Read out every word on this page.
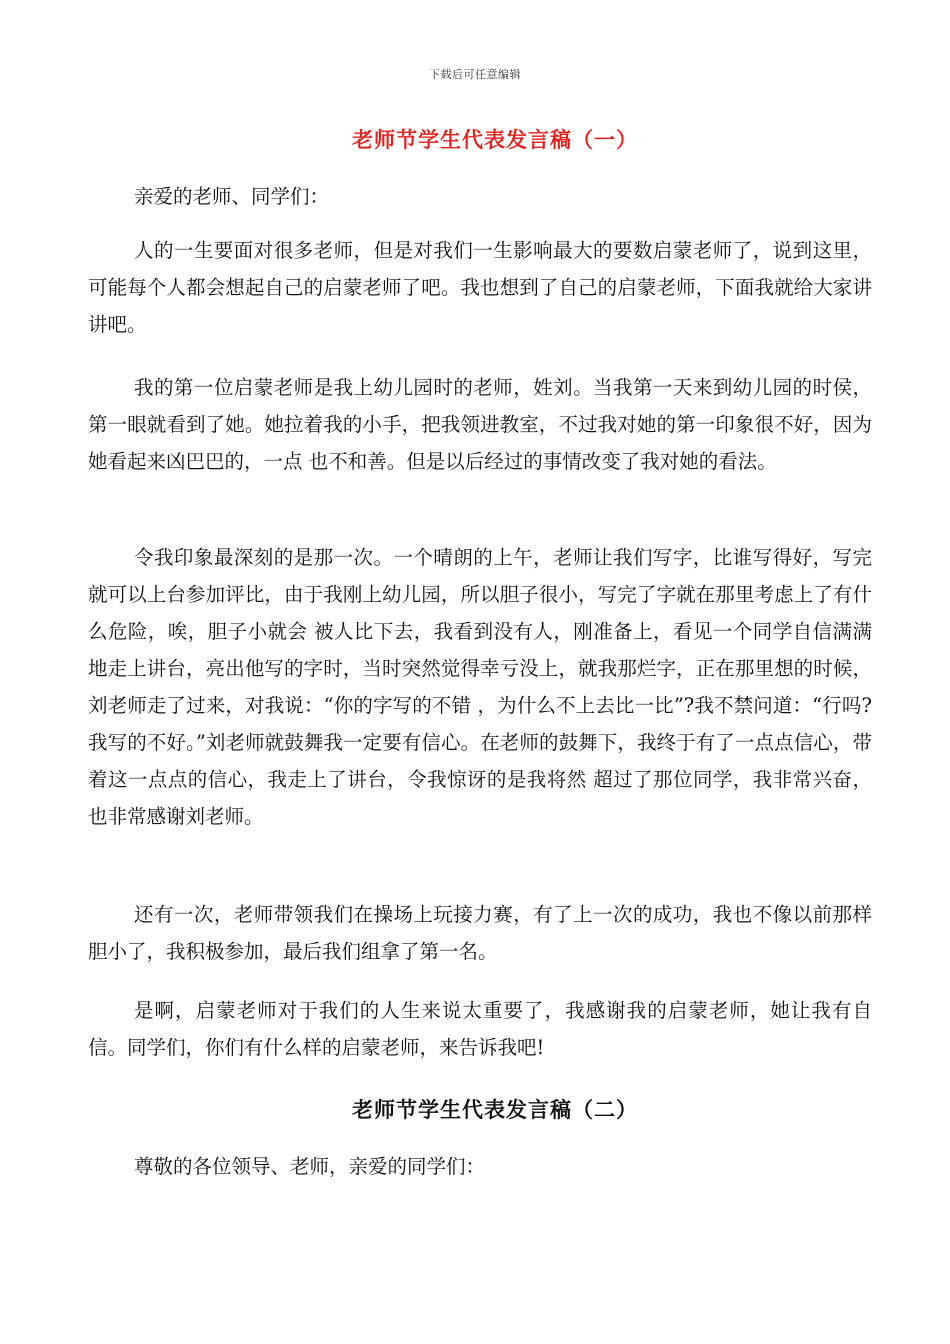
下载后可任意编辑
老师节学生代表发言稿（一）

亲爱的老师、同学们：

人的一生要面对很多老师，但是对我们一生影响最大的要数启蒙老师了，说到这里，可能每个人都会想起自己的启蒙老师了吧。我也想到了自己的启蒙老师，下面我就给大家讲讲吧。

我的第一位启蒙老师是我上幼儿园时的老师，姓刘。当我第一天来到幼儿园的时侯，第一眼就看到了她。她拉着我的小手，把我领进教室，不过我对她的第一印象很不好，因为她看起来凶巴巴的，一点 也不和善。但是以后经过的事情改变了我对她的看法。

令我印象最深刻的是那一次。一个晴朗的上午，老师让我们写字，比谁写得好，写完就可以上台参加评比，由于我刚上幼儿园，所以胆子很小，写完了字就在那里考虑上了有什么危险，唉，胆子小就会 被人比下去，我看到没有人，刚准备上，看见一个同学自信满满地走上讲台，亮出他写的字时，当时突然觉得幸亏没上，就我那烂字，正在那里想的时候，刘老师走了过来，对我说：“你的字写的不错 ，为什么不上去比一比”?我不禁问道：“行吗?我写的不好。”刘老师就鼓舞我一定要有信心。在老师的鼓舞下，我终于有了一点点信心，带着这一点点的信心，我走上了讲台，令我惊讶的是我将然 超过了那位同学，我非常兴奋，也非常感谢刘老师。

还有一次，老师带领我们在操场上玩接力赛，有了上一次的成功，我也不像以前那样胆小了，我积极参加，最后我们组拿了第一名。

是啊，启蒙老师对于我们的人生来说太重要了，我感谢我的启蒙老师，她让我有自信。同学们，你们有什么样的启蒙老师，来告诉我吧!

老师节学生代表发言稿（二）

尊敬的各位领导、老师，亲爱的同学们：
